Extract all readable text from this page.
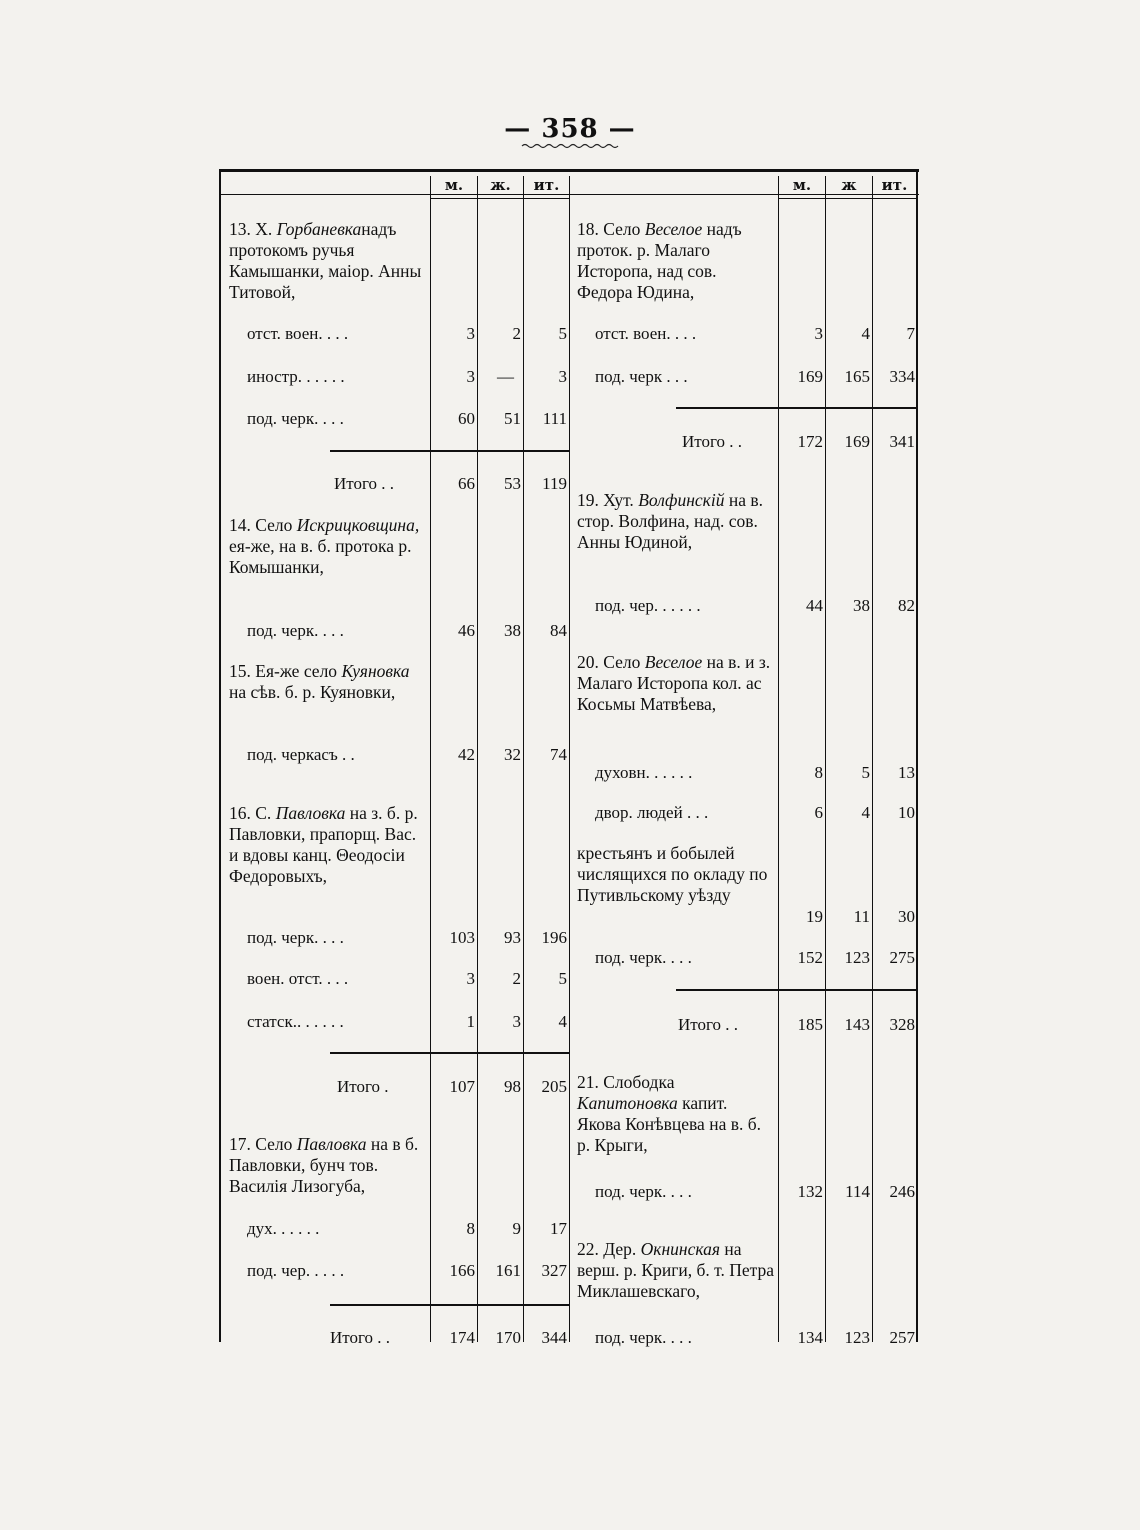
— 358 —
м.	ж.	ит.	м.	ж	ит.
13. Х. Горбаневканадъ протокомъ ручья Камышанки, маіор. Анны Титовой,
отст. воен. . . .	3	2	5
иностр. . . . . .	3	—	3
под. черк. . . .	60	51	111
Итого . .	66	53	119
14. Село Искрицковщина, ея-же, на в. б. протока р. Комышанки,
под. черк. . . .	46	38	84
15. Ея-же село Куяновка на сѣв. б. р. Куяновки,
под. черкасъ . .	42	32	74
16. С. Павловка на з. б. р. Павловки, прапорщ. Вас. и вдовы канц. Θеодосіи Федоровыхъ,
под. черк. . . .	103	93	196
воен. отст. . . .	3	2	5
статск.. . . . . .	1	3	4
Итого .	107	98	205
17. Село Павловка на в б. Павловки, бунч тов. Василія Лизогуба,
дух. . . . . .	8	9	17
под. чер. . . . .	166	161	327
Итого . .	174	170	344
18. Село Веселое надъ проток. р. Малаго Исторопа, над сов. Федора Юдина,
отст. воен. . . .	3	4	7
под. черк . . .	169	165	334
Итого . .	172	169	341
19. Хут. Волфинскій на в. стор. Волфина, над. сов. Анны Юдиной,
под. чер. . . . . .	44	38	82
20. Село Веселое на в. и з. Малаго Исторопа кол. ас Косьмы Матвѣева,
духовн. . . . . .	8	5	13
двор. людей . . .	6	4	10
крестьянъ и бобылей числящихся по окладу по Путивльскому уѣзду
19	11	30
под. черк. . . .	152	123	275
Итого . .	185	143	328
21. Слободка Капитоновка капит. Якова Конѣвцева на в. б. р. Крыги,
под. черк. . . .	132	114	246
22. Дер. Окнинская на верш. р. Криги, б. т. Петра Миклашевскаго,
под. черк. . . .	134	123	257
